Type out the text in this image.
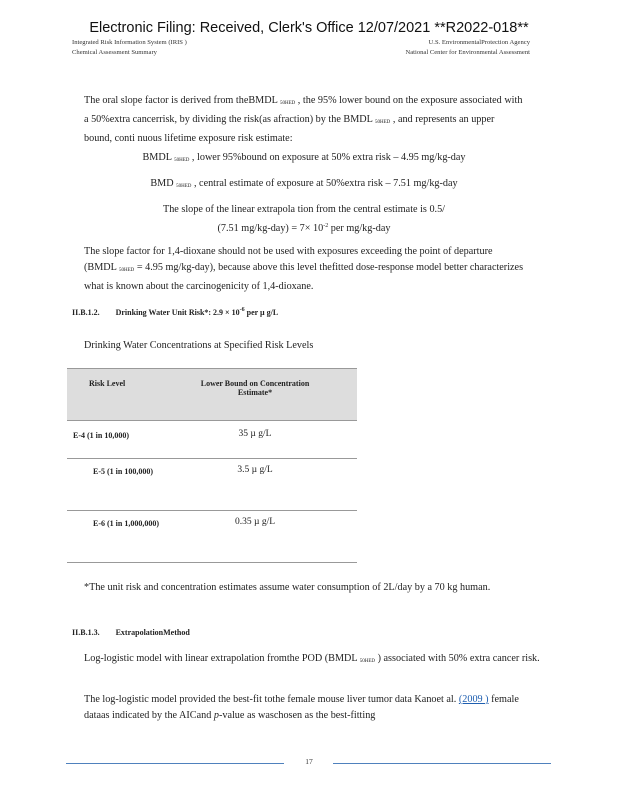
Electronic Filing: Received, Clerk's Office 12/07/2021 **R2022-018**
Integrated Risk Information System (IRIS )
Chemical Assessment Summary
U.S. EnvironmentalProtection Agency
National Center for Environmental Assessment
The oral slope factor is derived from theBMDL $_{50HED}$ , the 95% lower bound on the exposure associated with a 50%extra cancerrisk, by dividing the risk(as afraction) by the BMDL $_{50HED}$ , and represents an upper bound, conti nuous lifetime exposure risk estimate:
BMDL $_{50HED}$ , lower 95%bound on exposure at 50% extra risk – 4.95 mg/kg-day
BMD $_{50HED}$ , central estimate of exposure at 50%extra risk – 7.51 mg/kg-day
The slope of the linear extrapola tion from the central estimate is 0.5/
(7.51 $mg/kg-day) = 7\times 10^{-2}$ per mg/kg-day
The slope factor for 1,4-dioxane should not be used with exposures exceeding the point of departure (BMDL $_{50HED}$ = 4.95 mg/kg-day), because above this level thefitted dose-response model better characterizes what is known about the carcinogenicity of 1,4-dioxane.
II.B.1.2. Drinking Water Unit Risk*: $2.9 \times 10^{-6}$ per µ g/L
Drinking Water Concentrations at Specified Risk Levels
Risk Level	Lower Bound on Concentration Estimate*
E-4 (1 in 10,000)	35 µ g/L
E-5 (1 in 100,000)	3.5 µ g/L
E-6 (1 in 1,000,000)	0.35 µ g/L
*The unit risk and concentration estimates assume water consumption of 2L/day by a 70 kg human.
II.B.1.3. ExtrapolationMethod
Log-logistic model with linear extrapolation fromthe POD (BMDL $_{50HED}$ ) associated with 50% extra cancer risk.
The log-logistic model provided the best-fit tothe female mouse liver tumor data Kanoet al. (2009 ) female dataas indicated by the AICand p-value as waschosen as the best-fitting
17
